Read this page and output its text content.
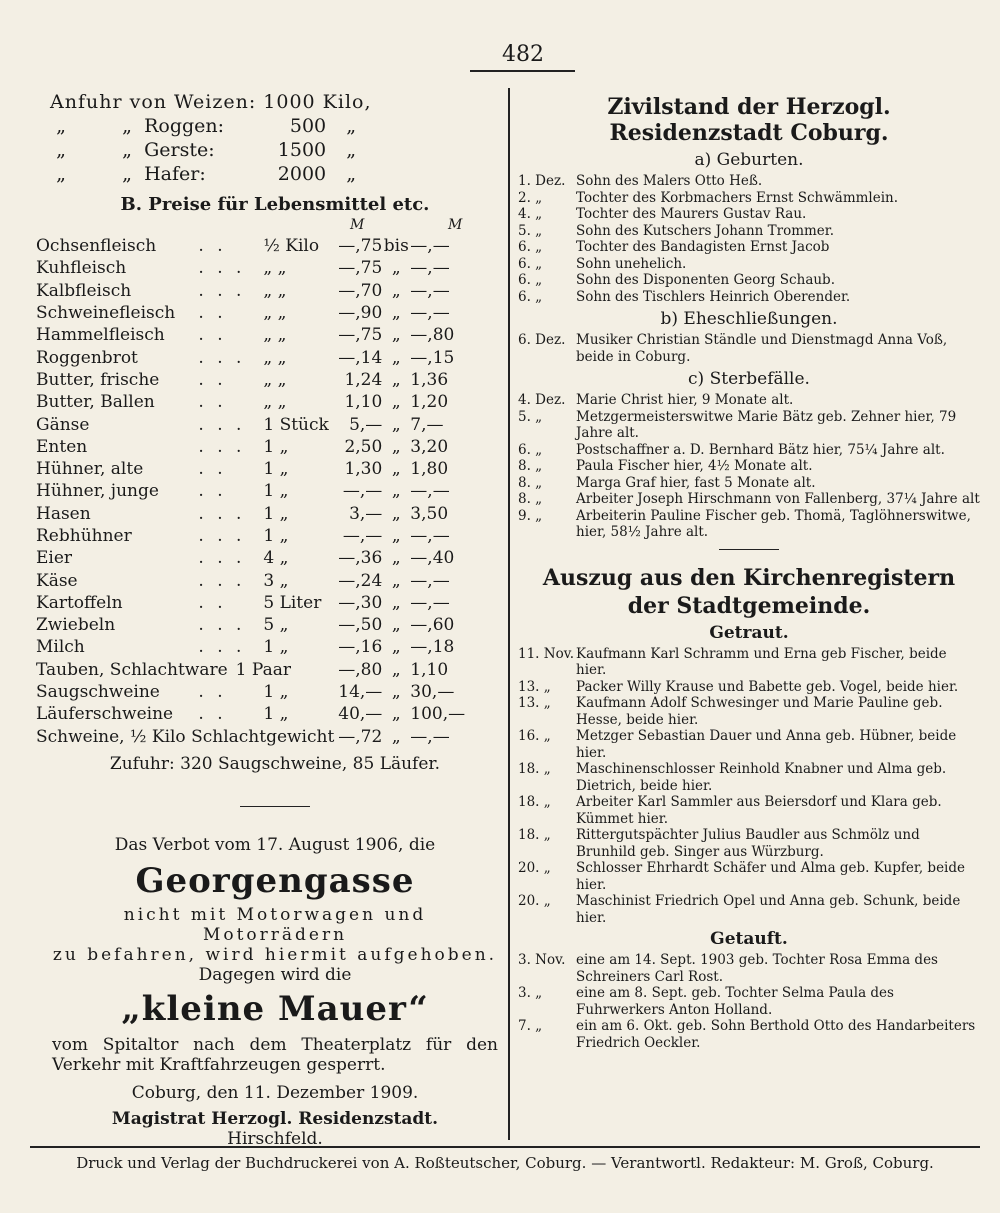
482
Anfuhr von Weizen: 1000 Kilo,
„	„ Roggen:	500 „
„	„ Gerste:	1500 „
„	„ Hafer:	2000 „
B. Preise für Lebensmittel etc.
M	M
Ochsenfleisch	. .	½ Kilo	—,75	bis	—,—
Kuhfleisch	. . .	„ „	—,75	„	—,—
Kalbfleisch	. . .	„ „	—,70	„	—,—
Schweinefleisch	. .	„ „	—,90	„	—,—
Hammelfleisch	. .	„ „	—,75	„	—,80
Roggenbrot	. . .	„ „	—,14	„	—,15
Butter, frische	. .	„ „	1,24	„	1,36
Butter, Ballen	. .	„ „	1,10	„	1,20
Gänse	. . .	1 Stück	5,—	„	7,—
Enten	. . .	1 „	2,50	„	3,20
Hühner, alte	. .	1 „	1,30	„	1,80
Hühner, junge	. .	1 „	—,—	„	—,—
Hasen	. . .	1 „	3,—	„	3,50
Rebhühner	. . .	1 „	—,—	„	—,—
Eier	. . .	4 „	—,36	„	—,40
Käse	. . .	3 „	—,24	„	—,—
Kartoffeln	. .	5 Liter	—,30	„	—,—
Zwiebeln	. . .	5 „	—,50	„	—,60
Milch	. . .	1 „	—,16	„	—,18
Tauben, Schlachtware 1 Paar			—,80	„	1,10
Saugschweine	. .	1 „	14,—	„	30,—
Läuferschweine	. .	1 „	40,—	„	100,—
Schweine, ½ Kilo Schlachtgewicht			—,72	„	—,—
Zufuhr: 320 Saugschweine, 85 Läufer.
Das Verbot vom 17. August 1906, die
Georgengasse
nicht mit Motorwagen und Motorrädern
zu befahren, wird hiermit aufgehoben.
Dagegen wird die
„kleine Mauer“
vom Spitaltor nach dem Theaterplatz für den
Verkehr mit Kraftfahrzeugen gesperrt.
Coburg, den 11. Dezember 1909.
Magistrat Herzogl. Residenzstadt.
Hirschfeld.
Zivilstand der Herzogl. Residenzstadt Coburg.
a) Geburten.
1. Dez. Sohn des Malers Otto Heß.
2. „	Tochter des Korbmachers Ernst Schwämmlein.
4. „	Tochter des Maurers Gustav Rau.
5. „	Sohn des Kutschers Johann Trommer.
6. „	Tochter des Bandagisten Ernst Jacob
6. „	Sohn unehelich.
6. „	Sohn des Disponenten Georg Schaub.
6. „	Sohn des Tischlers Heinrich Oberender.
b) Eheschließungen.
6. Dez. Musiker Christian Ständle und Dienstmagd Anna Voß, beide in Coburg.
c) Sterbefälle.
4. Dez. Marie Christ hier, 9 Monate alt.
5. „	Metzgermeisterswitwe Marie Bätz geb. Zehner hier, 79 Jahre alt.
6. „	Postschaffner a. D. Bernhard Bätz hier, 75¼ Jahre alt.
8. „	Paula Fischer hier, 4½ Monate alt.
8. „	Marga Graf hier, fast 5 Monate alt.
8. „	Arbeiter Joseph Hirschmann von Fallenberg, 37¼ Jahre alt
9. „	Arbeiterin Pauline Fischer geb. Thomä, Taglöhnerswitwe, hier, 58½ Jahre alt.
Auszug aus den Kirchenregistern
der Stadtgemeinde.
Getraut.
11. Nov. Kaufmann Karl Schramm und Erna geb Fischer, beide hier.
13. „	Packer Willy Krause und Babette geb. Vogel, beide hier.
13. „	Kaufmann Adolf Schwesinger und Marie Pauline geb. Hesse, beide hier.
16. „	Metzger Sebastian Dauer und Anna geb. Hübner, beide hier.
18. „	Maschinenschlosser Reinhold Knabner und Alma geb. Dietrich, beide hier.
18. „	Arbeiter Karl Sammler aus Beiersdorf und Klara geb. Kümmet hier.
18. „	Rittergutspächter Julius Baudler aus Schmölz und Brunhild geb. Singer aus Würzburg.
20. „	Schlosser Ehrhardt Schäfer und Alma geb. Kupfer, beide hier.
20. „	Maschinist Friedrich Opel und Anna geb. Schunk, beide hier.
Getauft.
3. Nov. eine am 14. Sept. 1903 geb. Tochter Rosa Emma des Schreiners Carl Rost.
3. „	eine am 8. Sept. geb. Tochter Selma Paula des Fuhrwerkers Anton Holland.
7. „	ein am 6. Okt. geb. Sohn Berthold Otto des Handarbeiters Friedrich Oeckler.
Druck und Verlag der Buchdruckerei von A. Roßteutscher, Coburg. — Verantwortl. Redakteur: M. Groß, Coburg.
